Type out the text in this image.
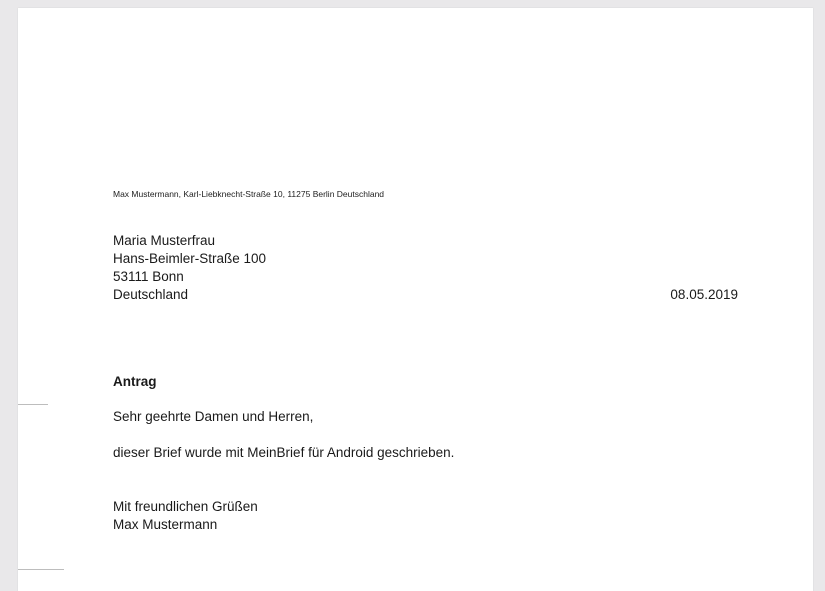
Max Mustermann, Karl-Liebknecht-Straße 10, 11275 Berlin Deutschland
Maria Musterfrau
Hans-Beimler-Straße 100
53111 Bonn
Deutschland	08.05.2019
Antrag
Sehr geehrte Damen und Herren,
dieser Brief wurde mit MeinBrief für Android geschrieben.
Mit freundlichen Grüßen
Max Mustermann
